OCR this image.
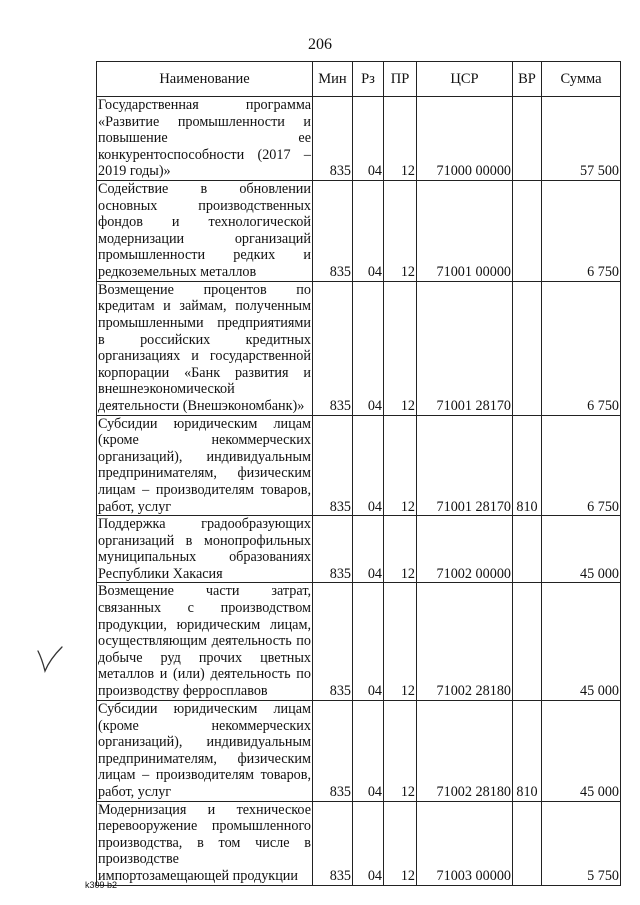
206
Наименование	Мин	Рз	ПР	ЦСР	ВР	Сумма
Государственная программа «Развитие промышленности и повышение ее конкурентоспособности (2017 – 2019 годы)»	835	04	12	71000 00000		57 500
Содействие в обновлении основных производственных фондов и технологической модернизации организаций промышленности редких и редкоземельных металлов	835	04	12	71001 00000		6 750
Возмещение процентов по кредитам и займам, полученным промышленными предприятиями в российских кредитных организациях и государственной корпорации «Банк развития и внешнеэкономической деятельности (Внешэкономбанк)»	835	04	12	71001 28170		6 750
Субсидии юридическим лицам (кроме некоммерческих организаций), индивидуальным предпринимателям, физическим лицам – производителям товаров, работ, услуг	835	04	12	71001 28170	810	6 750
Поддержка градообразующих организаций в монопрофильных муниципальных образованиях Республики Хакасия	835	04	12	71002 00000		45 000
Возмещение части затрат, связанных с производством продукции, юридическим лицам, осуществляющим деятельность по добыче руд прочих цветных металлов и (или) деятельность по производству ферросплавов	835	04	12	71002 28180		45 000
Субсидии юридическим лицам (кроме некоммерческих организаций), индивидуальным предпринимателям, физическим лицам – производителям товаров, работ, услуг	835	04	12	71002 28180	810	45 000
Модернизация и техническое перевооружение промышленного производства, в том числе в производстве импортозамещающей продукции	835	04	12	71003 00000		5 750
k309 b2
